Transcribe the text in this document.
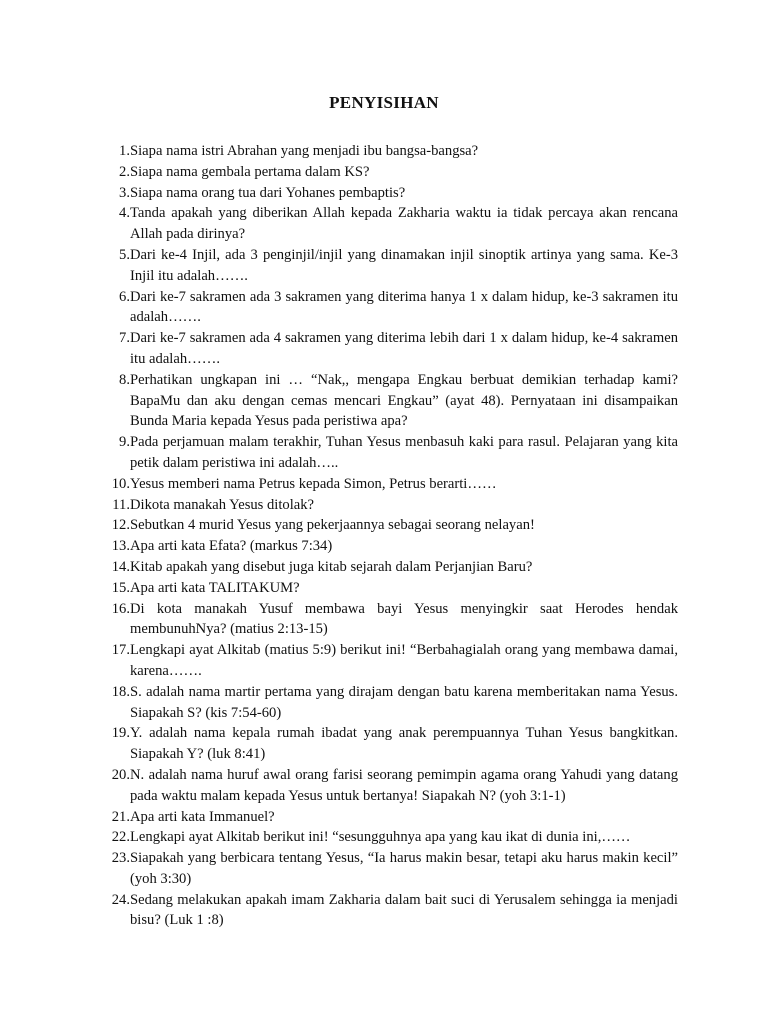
PENYISIHAN
1. Siapa nama istri Abrahan yang menjadi ibu bangsa-bangsa?
2. Siapa nama gembala pertama dalam KS?
3. Siapa nama orang tua dari Yohanes pembaptis?
4. Tanda apakah yang diberikan Allah kepada Zakharia waktu ia tidak percaya akan rencana Allah pada dirinya?
5. Dari ke-4 Injil, ada 3 penginjil/injil yang dinamakan injil sinoptik artinya yang sama. Ke-3 Injil itu adalah…….
6. Dari ke-7 sakramen ada 3 sakramen yang diterima hanya 1 x dalam hidup, ke-3 sakramen itu adalah…….
7. Dari ke-7 sakramen ada 4 sakramen yang diterima lebih dari 1 x dalam hidup, ke-4 sakramen itu adalah…….
8. Perhatikan ungkapan ini … “Nak,, mengapa Engkau berbuat demikian terhadap kami? BapaMu dan aku dengan cemas mencari Engkau” (ayat 48). Pernyataan ini disampaikan Bunda Maria kepada Yesus pada peristiwa apa?
9. Pada perjamuan malam terakhir, Tuhan Yesus menbasuh kaki para rasul. Pelajaran yang kita petik dalam peristiwa ini adalah…..
10. Yesus memberi nama Petrus kepada Simon, Petrus berarti……
11. Dikota manakah Yesus ditolak?
12. Sebutkan 4 murid Yesus yang pekerjaannya sebagai seorang nelayan!
13. Apa arti kata Efata? (markus 7:34)
14. Kitab apakah yang disebut juga kitab sejarah dalam Perjanjian Baru?
15. Apa arti kata TALITAKUM?
16. Di kota manakah Yusuf membawa bayi Yesus menyingkir saat Herodes hendak membunuhNya? (matius 2:13-15)
17. Lengkapi ayat Alkitab (matius 5:9) berikut ini! “Berbahagialah orang yang membawa damai, karena…….
18. S. adalah nama martir pertama yang dirajam dengan batu karena memberitakan nama Yesus. Siapakah S? (kis 7:54-60)
19. Y. adalah nama kepala rumah ibadat yang anak perempuannya Tuhan Yesus bangkitkan. Siapakah Y? (luk 8:41)
20. N. adalah nama huruf awal orang farisi seorang pemimpin agama orang Yahudi yang datang pada waktu malam kepada Yesus untuk bertanya! Siapakah N? (yoh 3:1-1)
21. Apa arti kata Immanuel?
22. Lengkapi ayat Alkitab berikut ini! “sesungguhnya apa yang kau ikat di dunia ini,……
23. Siapakah yang berbicara tentang Yesus, “Ia harus makin besar, tetapi aku harus makin kecil” (yoh 3:30)
24. Sedang melakukan apakah imam Zakharia dalam bait suci di Yerusalem sehingga ia menjadi bisu? (Luk 1 :8)
